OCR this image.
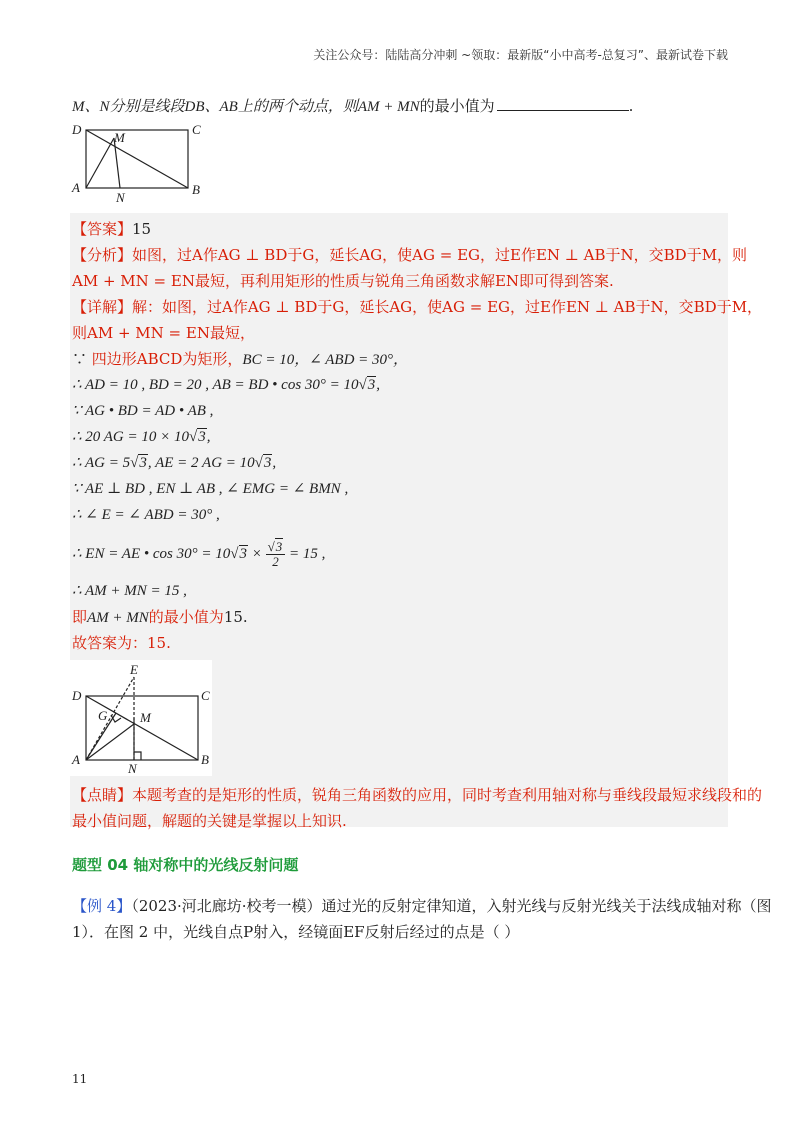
关注公众号：陆陆高分冲刺 ~领取：最新版“小中高考-总复习”、最新试卷下载
M、N分别是线段DB、AB上的两个动点，则AM + MN的最小值为	.
D	C
M
A
N
B
【答案】15
【分析】如图，过A作AG ⊥ BD于G，延长AG，使AG = EG，过E作EN ⊥ AB于N，交BD于M，则
AM + MN = EN最短，再利用矩形的性质与锐角三角函数求解EN即可得到答案.
【详解】解：如图，过A作AG ⊥ BD于G，延长AG，使AG = EG，过E作EN ⊥ AB于N，交BD于M，
则AM + MN = EN最短，
∵ 四边形ABCD为矩形，BC = 10，∠ ABD = 30°，
∴ AD = 10 , BD = 20 , AB = BD • cos 30° = 10√3,
∵ AG • BD = AD • AB ,
∴ 20 AG = 10 × 10√3,
∴ AG = 5√3, AE = 2 AG = 10√3,
∵ AE ⊥ BD , EN ⊥ AB , ∠ EMG = ∠ BMN ,
∴ ∠ E = ∠ ABD = 30° ,
∴ EN = AE • $\cos 30^\circ = 10√3 \times \frac{√3}{2} = 15$ ,
∴ AM + MN = 15 ,
即AM + MN的最小值为15.
故答案为：15.
E
D	C
G	M
A
N
B
【点睛】本题考查的是矩形的性质，锐角三角函数的应用，同时考查利用轴对称与垂线段最短求线段和的
最小值问题，解题的关键是掌握以上知识.
题型 04 轴对称中的光线反射问题
【例 4】（2023·河北廊坊·校考一模）通过光的反射定律知道，入射光线与反射光线关于法线成轴对称（图
1）．在图 2 中，光线自点P射入，经镜面EF反射后经过的点是（ ）
11
